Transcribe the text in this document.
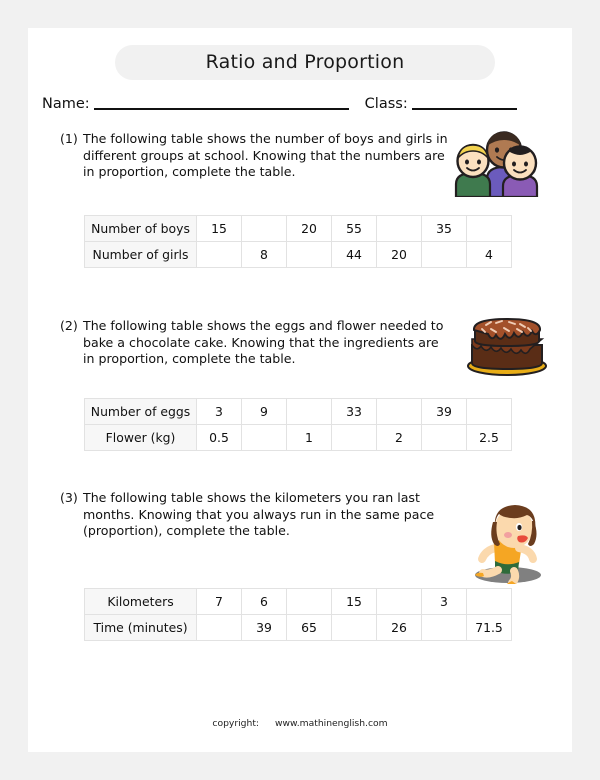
Ratio and Proportion
Name:	Class:
(1) The following table shows the number of boys and girls in different groups at school. Knowing that the numbers are in proportion, complete the table.
Number of boys	15		20	55		35	
Number of girls		8		44	20		4
(2) The following table shows the eggs and flower needed to bake a chocolate cake. Knowing that the ingredients are in proportion, complete the table.
Number of eggs	3	9		33		39	
Flower (kg)	0.5		1		2		2.5
(3) The following table shows the kilometers you ran last months. Knowing that you always run in the same pace (proportion), complete the table.
Kilometers	7	6		15		3	
Time (minutes)		39	65		26		71.5
copyright: www.mathinenglish.com
